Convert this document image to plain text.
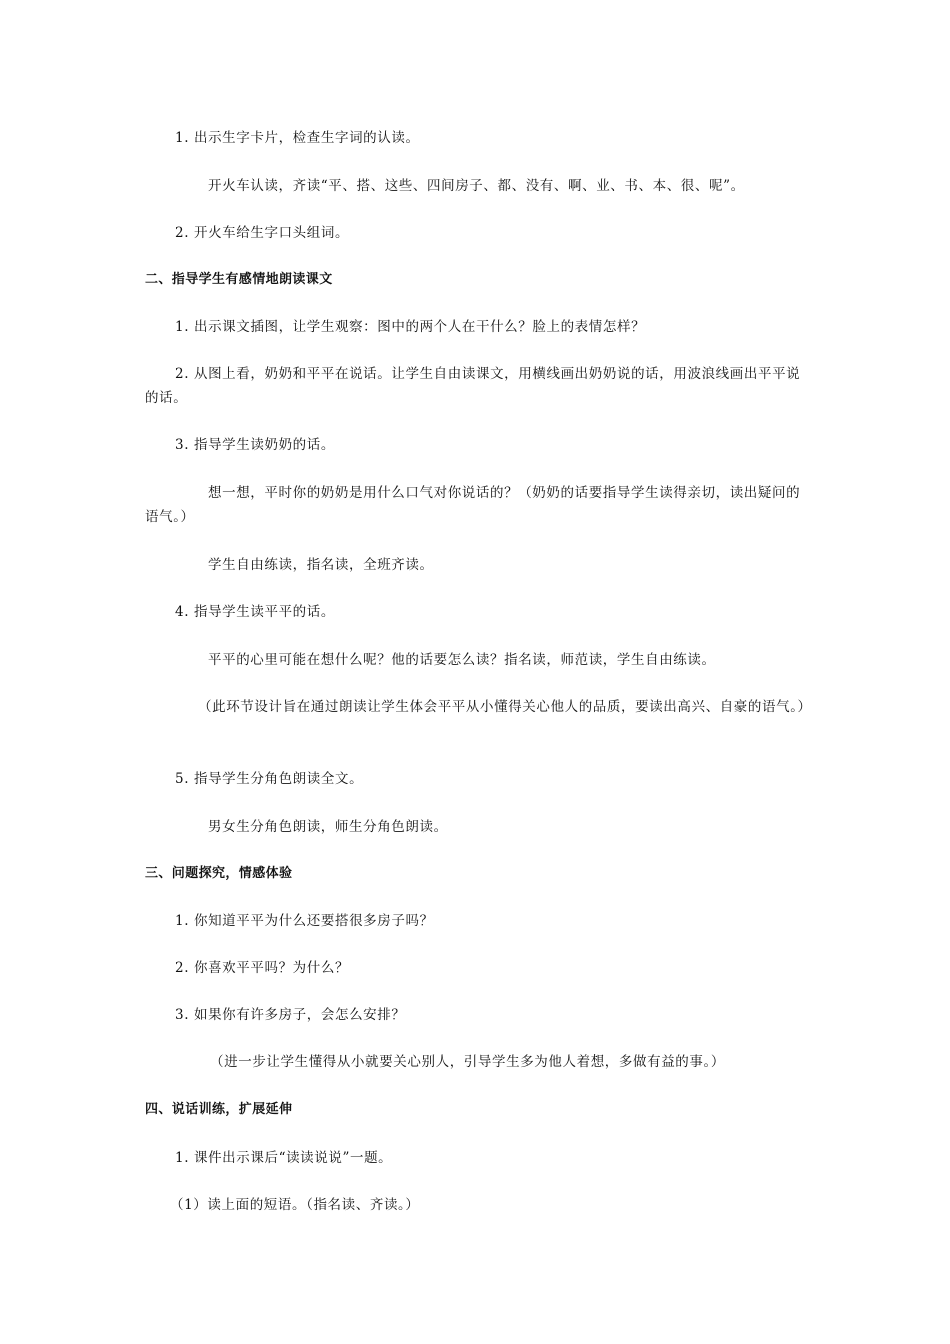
1. 出示生字卡片，检查生字词的认读。

开火车认读，齐读“平、搭、这些、四间房子、都、没有、啊、业、书、本、很、呢”。

2. 开火车给生字口头组词。

二、指导学生有感情地朗读课文

1. 出示课文插图，让学生观察：图中的两个人在干什么？脸上的表情怎样？

2. 从图上看，奶奶和平平在说话。让学生自由读课文，用横线画出奶奶说的话，用波浪线画出平平说的话。

3. 指导学生读奶奶的话。

想一想，平时你的奶奶是用什么口气对你说话的？（奶奶的话要指导学生读得亲切，读出疑问的语气。）

学生自由练读，指名读，全班齐读。

4. 指导学生读平平的话。

平平的心里可能在想什么呢？他的话要怎么读？指名读，师范读，学生自由练读。

（此环节设计旨在通过朗读让学生体会平平从小懂得关心他人的品质，要读出高兴、自豪的语气。）

5. 指导学生分角色朗读全文。

男女生分角色朗读，师生分角色朗读。

三、问题探究，情感体验

1. 你知道平平为什么还要搭很多房子吗？

2. 你喜欢平平吗？为什么？

3. 如果你有许多房子，会怎么安排？

（进一步让学生懂得从小就要关心别人，引导学生多为他人着想，多做有益的事。）

四、说话训练，扩展延伸

1. 课件出示课后“读读说说”一题。

（1）读上面的短语。（指名读、齐读。）
